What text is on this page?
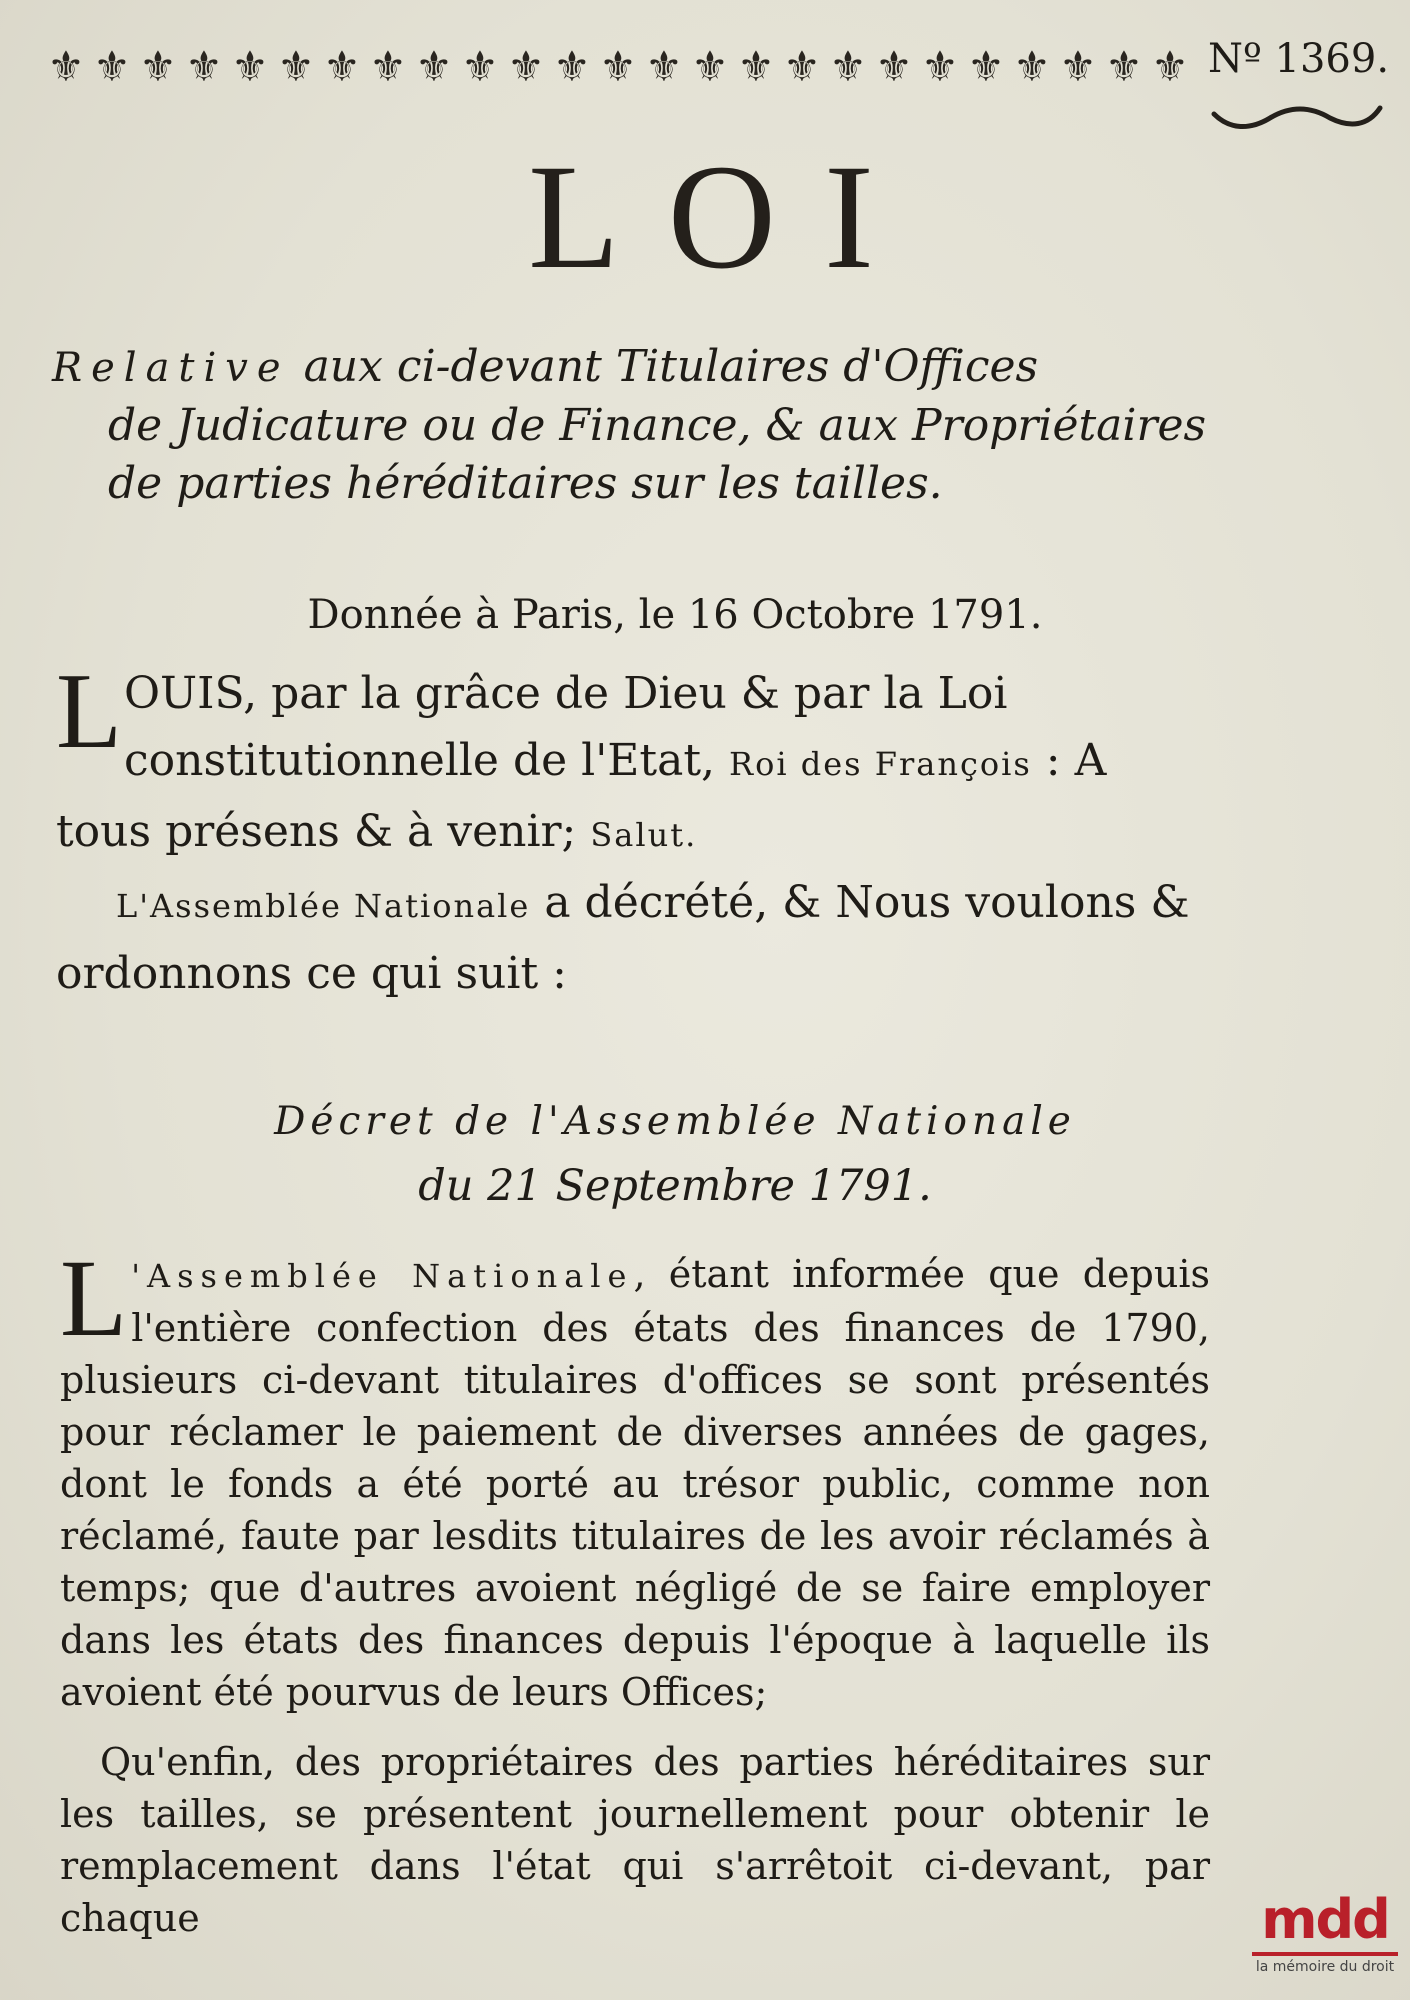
⚜ ⚜ ⚜ ⚜ ⚜ ⚜ ⚜ ⚜ ⚜ ⚜ ⚜ ⚜ ⚜ ⚜ ⚜ ⚜ ⚜ ⚜ ⚜ ⚜ ⚜ ⚜ ⚜ ⚜ ⚜ Nº 1369.
LOI
Relative aux ci-devant Titulaires d'Offices
de Judicature ou de Finance, & aux Propriétaires
de parties héréditaires sur les tailles.
Donnée à Paris, le 16 Octobre 1791.
LOUIS, par la grâce de Dieu & par la Loi constitutionnelle de l'Etat, Roi des François : A tous présens & à venir; Salut.
L'Assemblée Nationale a décrété, & Nous voulons & ordonnons ce qui suit :
Décret de l'Assemblée Nationale
du 21 Septembre 1791.
L 'Assemblée Nationale, étant informée que depuis l'entière confection des états des finances de 1790, plusieurs ci-devant titulaires d'offices se sont présentés pour réclamer le paiement de diverses années de gages, dont le fonds a été porté au trésor public, comme non réclamé, faute par lesdits titulaires de les avoir réclamés à temps; que d'autres avoient négligé de se faire employer dans les états des finances depuis l'époque à laquelle ils avoient été pourvus de leurs Offices;
Qu'enfin, des propriétaires des parties héréditaires sur les tailles, se présentent journellement pour obtenir le remplacement dans l'état qui s'arrêtoit ci-devant, par chaque	mdd
la mémoire du droit
